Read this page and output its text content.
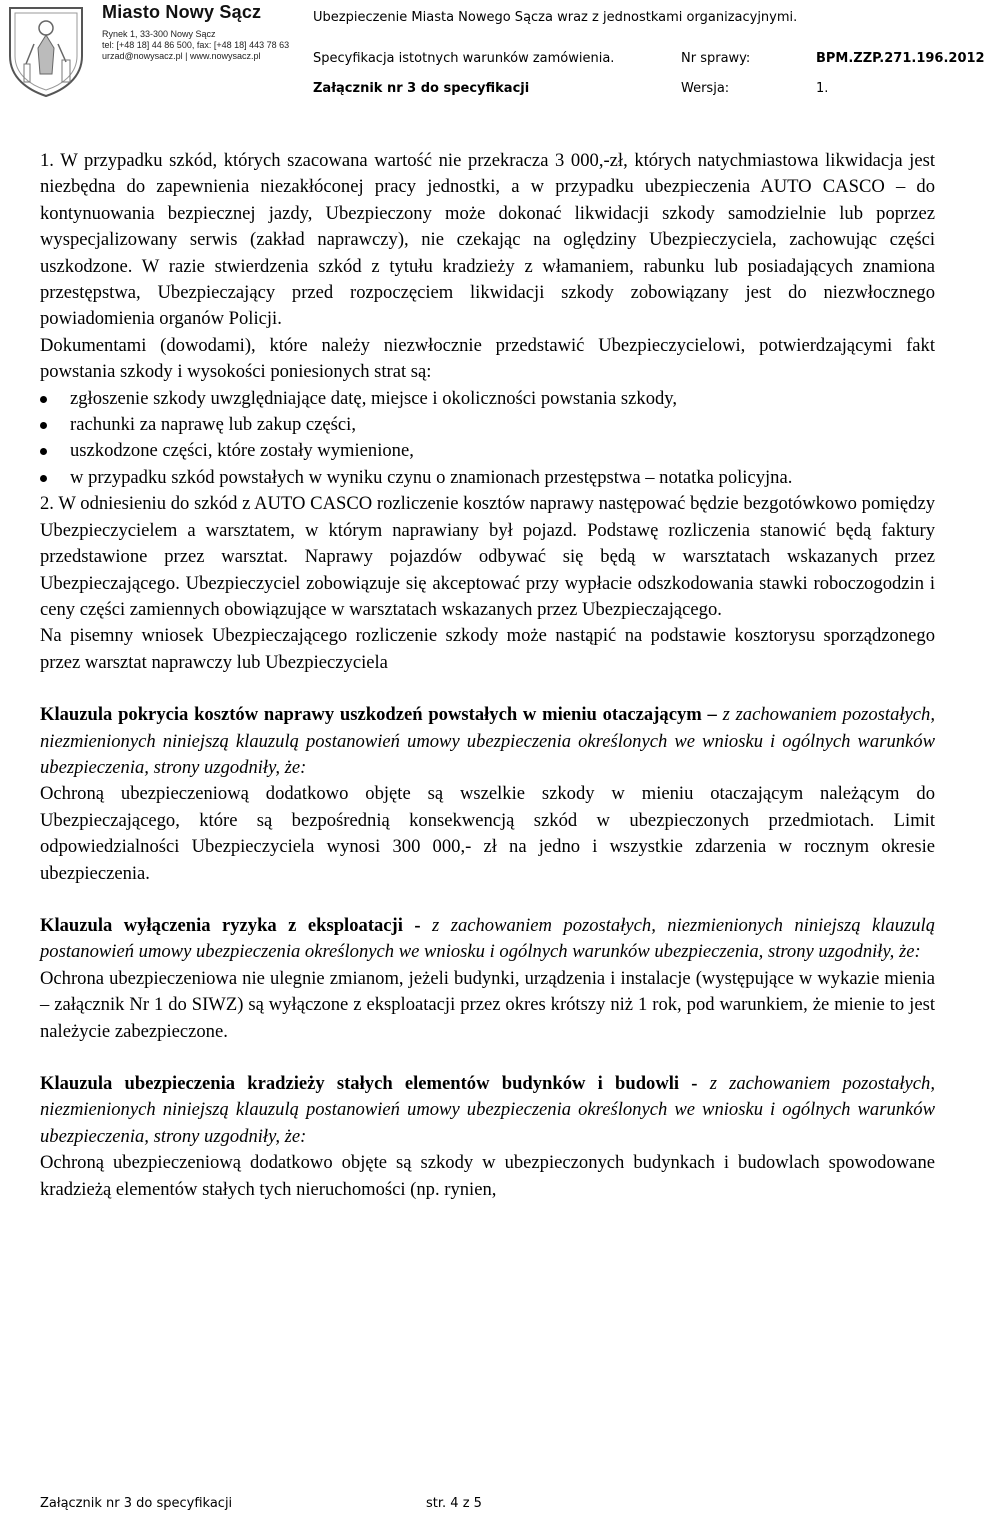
Miasto Nowy Sącz
Rynek 1, 33-300 Nowy Sącz
tel: [+48 18] 44 86 500, fax: [+48 18] 443 78 63
urzad@nowysacz.pl | www.nowysacz.pl
Ubezpieczenie Miasta Nowego Sącza wraz z jednostkami organizacyjnymi.
Specyfikacja istotnych warunków zamówienia.	Nr sprawy:	BPM.ZZP.271.196.2012
Załącznik nr 3 do specyfikacji	Wersja:	1.

1. W przypadku szkód, których szacowana wartość nie przekracza 3 000,-zł, których natychmiastowa likwidacja jest niezbędna do zapewnienia niezakłóconej pracy jednostki, a w przypadku ubezpieczenia AUTO CASCO – do kontynuowania bezpiecznej jazdy, Ubezpieczony może dokonać likwidacji szkody samodzielnie lub poprzez wyspecjalizowany serwis (zakład naprawczy), nie czekając na oględziny Ubezpieczyciela, zachowując części uszkodzone. W razie stwierdzenia szkód z tytułu kradzieży z włamaniem, rabunku lub posiadających znamiona przestępstwa, Ubezpieczający przed rozpoczęciem likwidacji szkody zobowiązany jest do niezwłocznego powiadomienia organów Policji.

Dokumentami (dowodami), które należy niezwłocznie przedstawić Ubezpieczycielowi, potwierdzającymi fakt powstania szkody i wysokości poniesionych strat są:

zgłoszenie szkody uwzględniające datę, miejsce i okoliczności powstania szkody,
rachunki za naprawę lub zakup części,
uszkodzone części, które zostały wymienione,
w przypadku szkód powstałych w wyniku czynu o znamionach przestępstwa – notatka policyjna.

2. W odniesieniu do szkód z AUTO CASCO rozliczenie kosztów naprawy następować będzie bezgotówkowo pomiędzy Ubezpieczycielem a warsztatem, w którym naprawiany był pojazd. Podstawę rozliczenia stanowić będą faktury przedstawione przez warsztat. Naprawy pojazdów odbywać się będą w warsztatach wskazanych przez Ubezpieczającego. Ubezpieczyciel zobowiązuje się akceptować przy wypłacie odszkodowania stawki roboczogodzin i ceny części zamiennych obowiązujące w warsztatach wskazanych przez Ubezpieczającego.

Na pisemny wniosek Ubezpieczającego rozliczenie szkody może nastąpić na podstawie kosztorysu sporządzonego przez warsztat naprawczy lub Ubezpieczyciela

Klauzula pokrycia kosztów naprawy uszkodzeń powstałych w mieniu otaczającym – z zachowaniem pozostałych, niezmienionych niniejszą klauzulą postanowień umowy ubezpieczenia określonych we wniosku i ogólnych warunków ubezpieczenia, strony uzgodniły, że:

Ochroną ubezpieczeniową dodatkowo objęte są wszelkie szkody w mieniu otaczającym należącym do Ubezpieczającego, które są bezpośrednią konsekwencją szkód w ubezpieczonych przedmiotach. Limit odpowiedzialności Ubezpieczyciela wynosi 300 000,- zł na jedno i wszystkie zdarzenia w rocznym okresie ubezpieczenia.

Klauzula wyłączenia ryzyka z eksploatacji - z zachowaniem pozostałych, niezmienionych niniejszą klauzulą postanowień umowy ubezpieczenia określonych we wniosku i ogólnych warunków ubezpieczenia, strony uzgodniły, że:

Ochrona ubezpieczeniowa nie ulegnie zmianom, jeżeli budynki, urządzenia i instalacje (występujące w wykazie mienia – załącznik Nr 1 do SIWZ) są wyłączone z eksploatacji przez okres krótszy niż 1 rok, pod warunkiem, że mienie to jest należycie zabezpieczone.

Klauzula ubezpieczenia kradzieży stałych elementów budynków i budowli - z zachowaniem pozostałych, niezmienionych niniejszą klauzulą postanowień umowy ubezpieczenia określonych we wniosku i ogólnych warunków ubezpieczenia, strony uzgodniły, że:

Ochroną ubezpieczeniową dodatkowo objęte są szkody w ubezpieczonych budynkach i budowlach spowodowane kradzieżą elementów stałych tych nieruchomości (np. rynien,

Załącznik nr 3 do specyfikacji	str. 4 z 5
